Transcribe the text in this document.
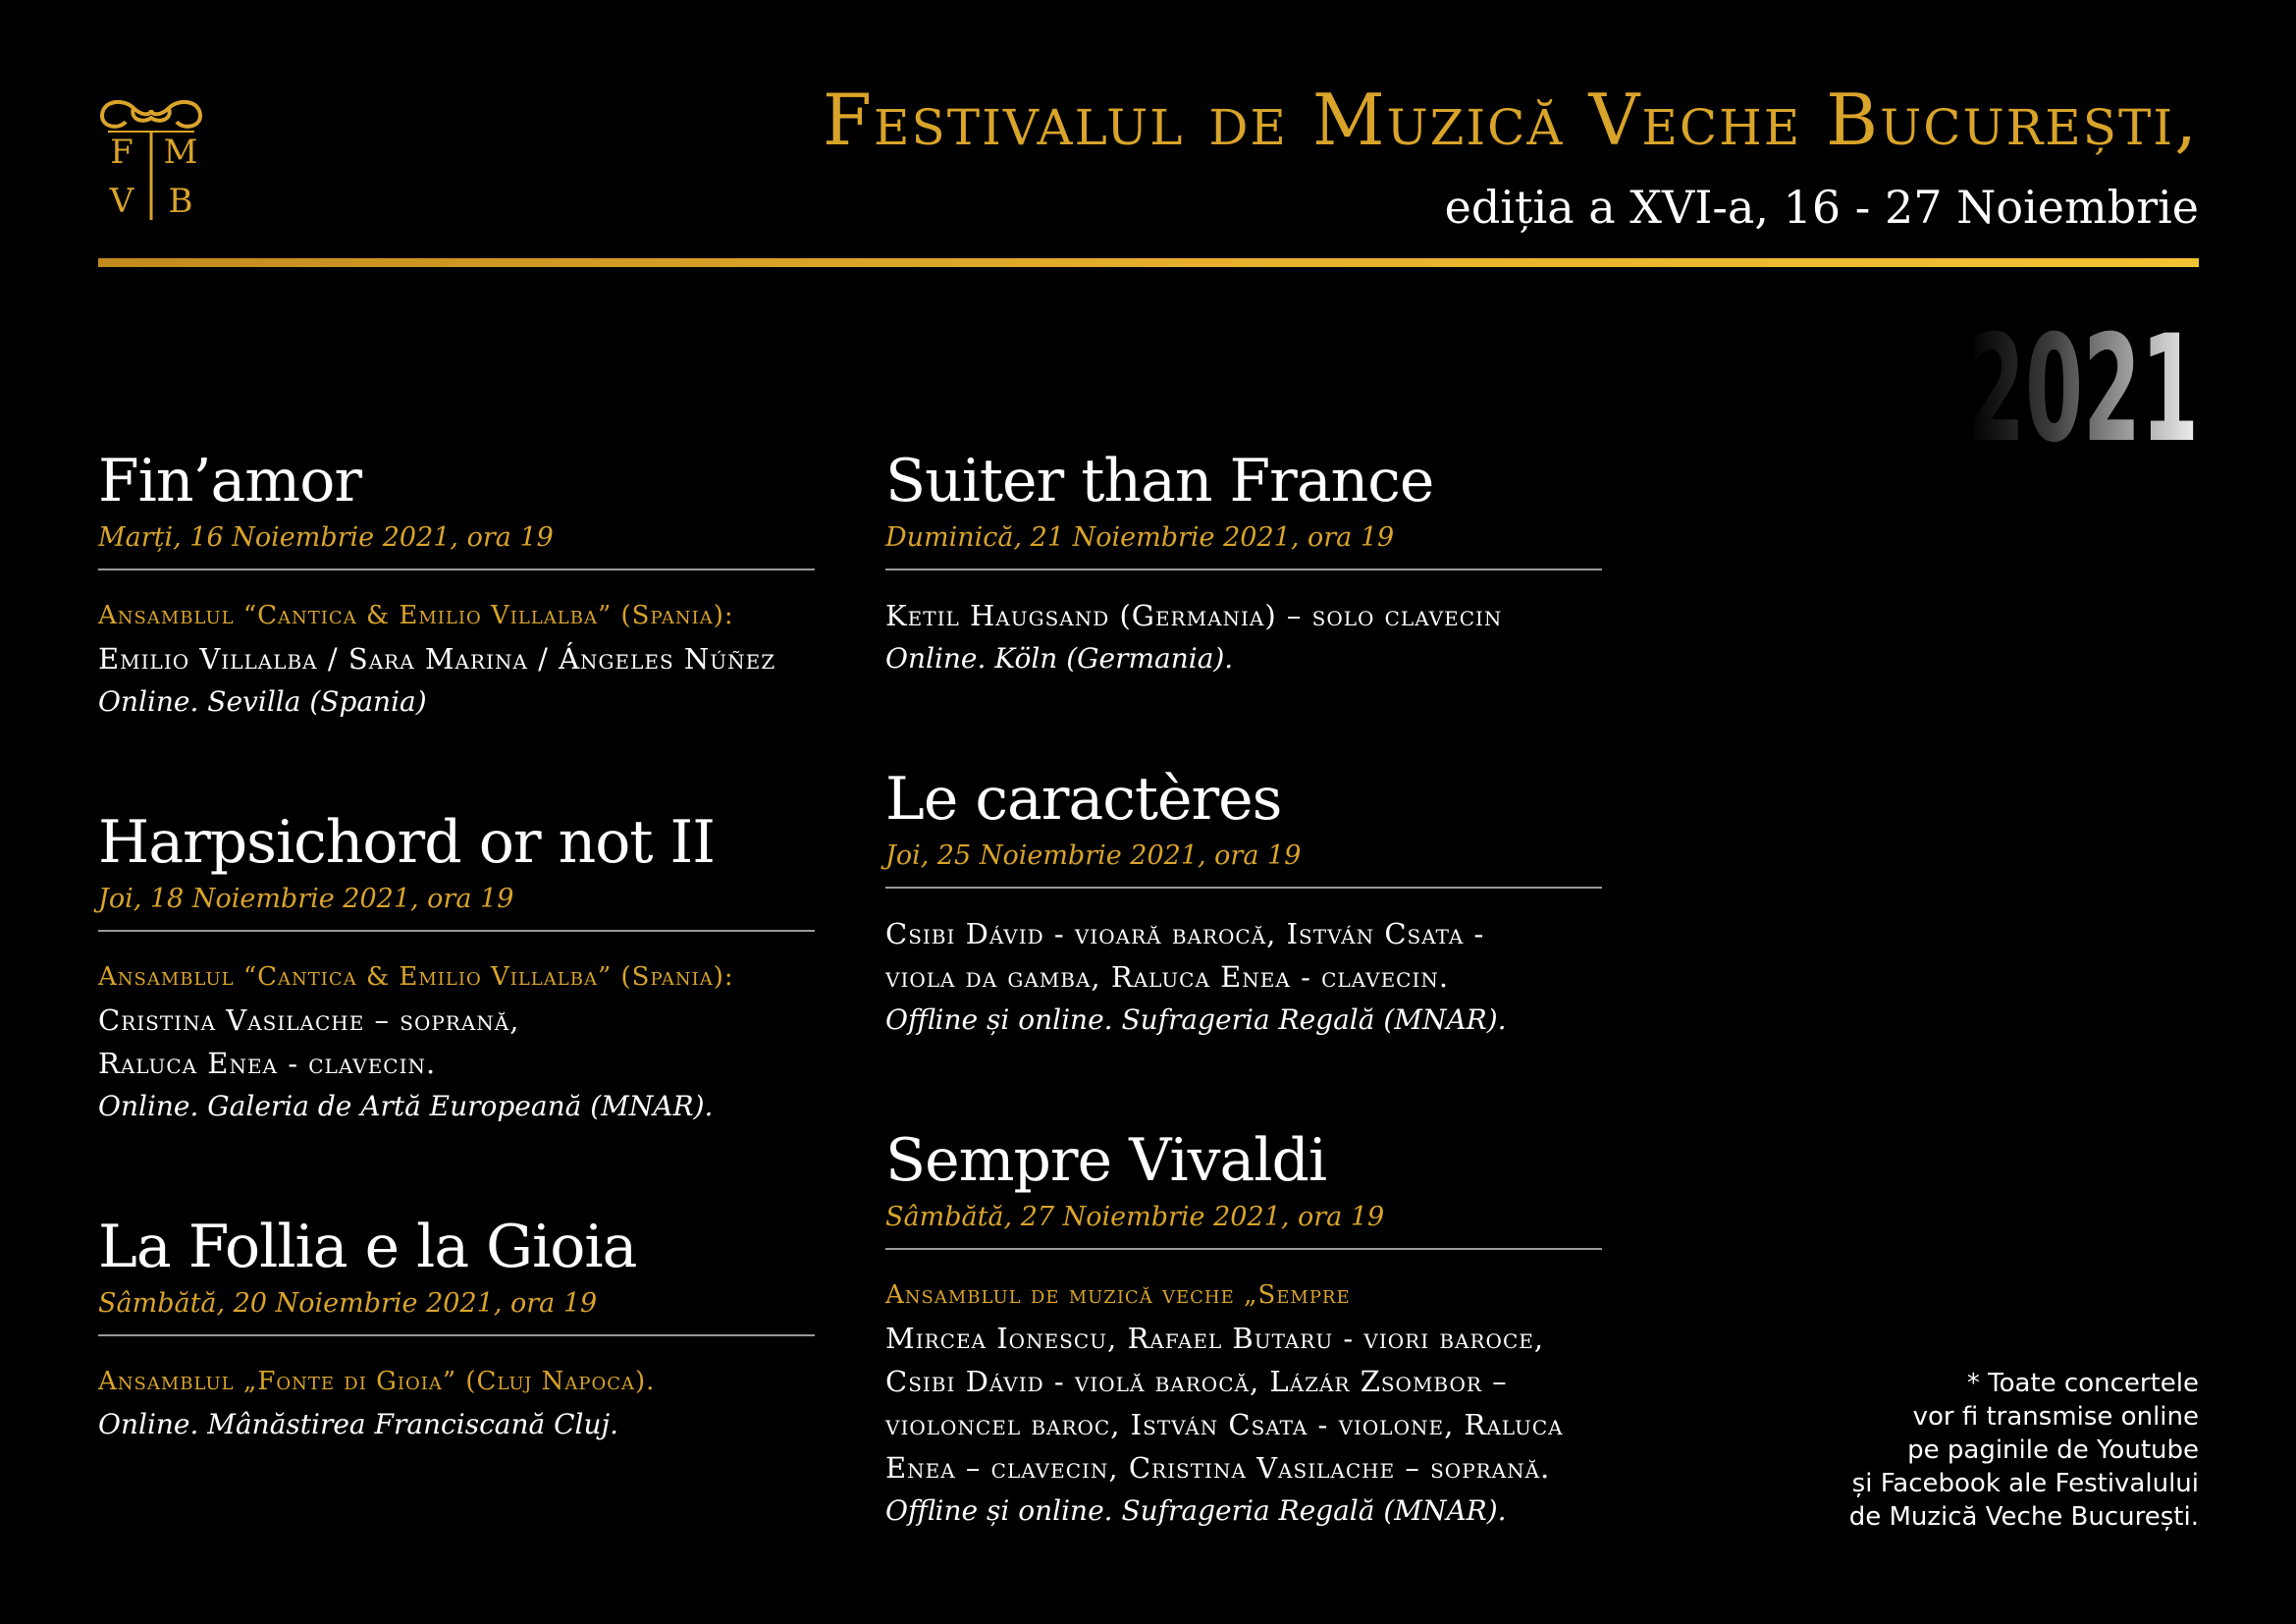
F M
V B
Festivalul de Muzică Veche București,
ediția a XVI-a, 16 - 27 Noiembrie
2021
Fin’amor
Marți, 16 Noiembrie 2021, ora 19
Ansamblul “Cantica & Emilio Villalba” (Spania):
Emilio Villalba / Sara Marina / Ángeles Núñez
Online. Sevilla (Spania)
Harpsichord or not II
Joi, 18 Noiembrie 2021, ora 19
Ansamblul “Cantica & Emilio Villalba” (Spania):
Cristina Vasilache – soprană,
Raluca Enea - clavecin.
Online. Galeria de Artă Europeană (MNAR).
La Follia e la Gioia
Sâmbătă, 20 Noiembrie 2021, ora 19
Ansamblul „Fonte di Gioia” (Cluj Napoca).
Online. Mânăstirea Franciscană Cluj.
Suiter than France
Duminică, 21 Noiembrie 2021, ora 19
Ketil Haugsand (Germania) – solo clavecin
Online. Köln (Germania).
Le caractères
Joi, 25 Noiembrie 2021, ora 19
Csibi Dávid - vioară barocă, István Csata -
viola da gamba, Raluca Enea - clavecin.
Offline și online. Sufrageria Regală (MNAR).
Sempre Vivaldi
Sâmbătă, 27 Noiembrie 2021, ora 19
Ansamblul de muzică veche „Sempre
Mircea Ionescu, Rafael Butaru - viori baroce,
Csibi Dávid - violă barocă, Lázár Zsombor –
violoncel baroc, István Csata - violone, Raluca
Enea – clavecin, Cristina Vasilache – soprană.
Offline și online. Sufrageria Regală (MNAR).
* Toate concertele
vor fi transmise online
pe paginile de Youtube
și Facebook ale Festivalului
de Muzică Veche București.
